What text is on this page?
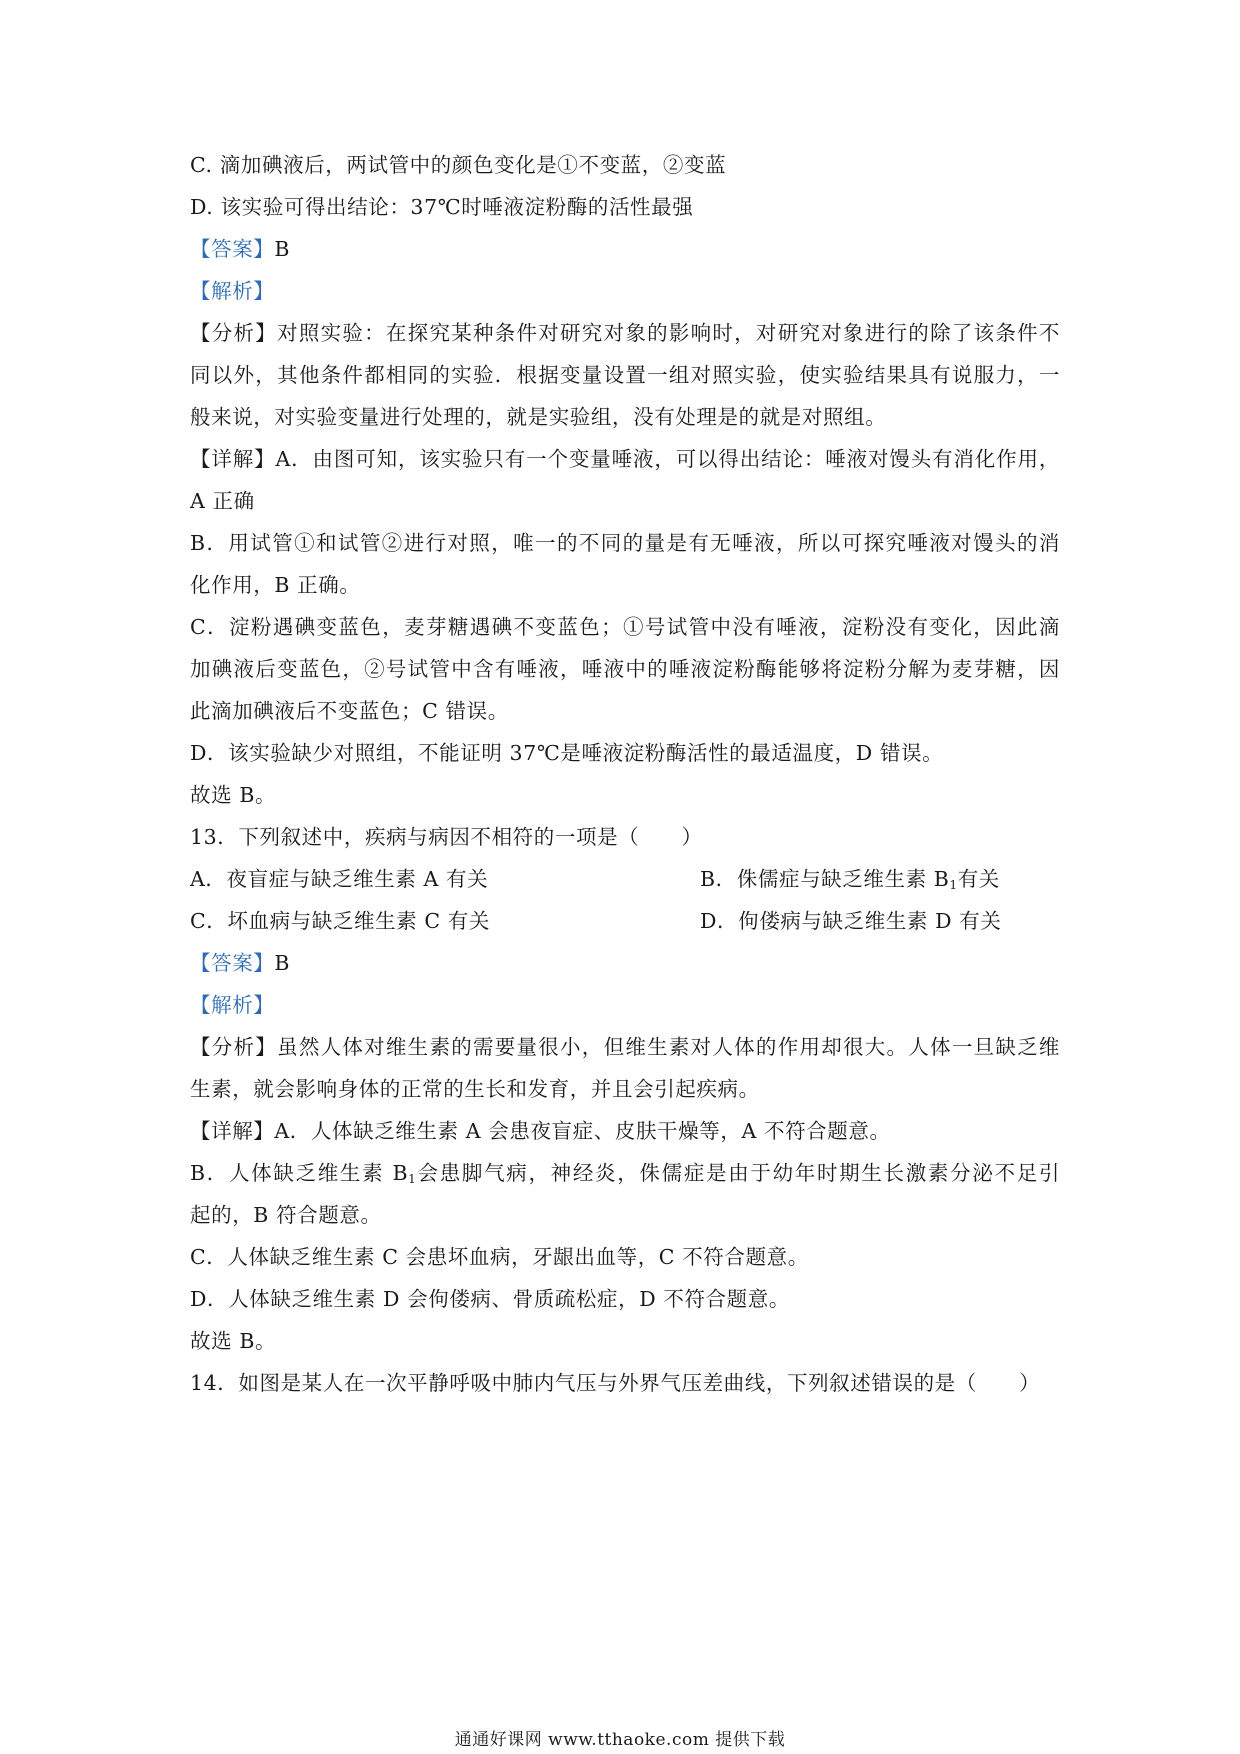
C. 滴加碘液后，两试管中的颜色变化是①不变蓝，②变蓝
D. 该实验可得出结论：37℃时唾液淀粉酶的活性最强
【答案】B
【解析】
【分析】对照实验：在探究某种条件对研究对象的影响时，对研究对象进行的除了该条件不
同以外，其他条件都相同的实验．根据变量设置一组对照实验，使实验结果具有说服力，一
般来说，对实验变量进行处理的，就是实验组，没有处理是的就是对照组。
【详解】A．由图可知，该实验只有一个变量唾液，可以得出结论：唾液对馒头有消化作用，
A 正确
B．用试管①和试管②进行对照，唯一的不同的量是有无唾液，所以可探究唾液对馒头的消
化作用，B 正确。
C．淀粉遇碘变蓝色，麦芽糖遇碘不变蓝色；①号试管中没有唾液，淀粉没有变化，因此滴
加碘液后变蓝色，②号试管中含有唾液，唾液中的唾液淀粉酶能够将淀粉分解为麦芽糖，因
此滴加碘液后不变蓝色；C 错误。
D．该实验缺少对照组，不能证明 37℃是唾液淀粉酶活性的最适温度，D 错误。
故选 B。
13．下列叙述中，疾病与病因不相符的一项是（　　）
A．夜盲症与缺乏维生素 A 有关	B．侏儒症与缺乏维生素 $B_1$有关
C．坏血病与缺乏维生素 C 有关	D．佝偻病与缺乏维生素 D 有关
【答案】B
【解析】
【分析】虽然人体对维生素的需要量很小，但维生素对人体的作用却很大。人体一旦缺乏维
生素，就会影响身体的正常的生长和发育，并且会引起疾病。
【详解】A．人体缺乏维生素 A 会患夜盲症、皮肤干燥等，A 不符合题意。
B．人体缺乏维生素 $B_1$会患脚气病，神经炎，侏儒症是由于幼年时期生长激素分泌不足引
起的，B 符合题意。
C．人体缺乏维生素 C 会患坏血病，牙龈出血等，C 不符合题意。
D．人体缺乏维生素 D 会佝偻病、骨质疏松症，D 不符合题意。
故选 B。
14．如图是某人在一次平静呼吸中肺内气压与外界气压差曲线，下列叙述错误的是（　　）
通通好课网 www.tthaoke.com 提供下载
